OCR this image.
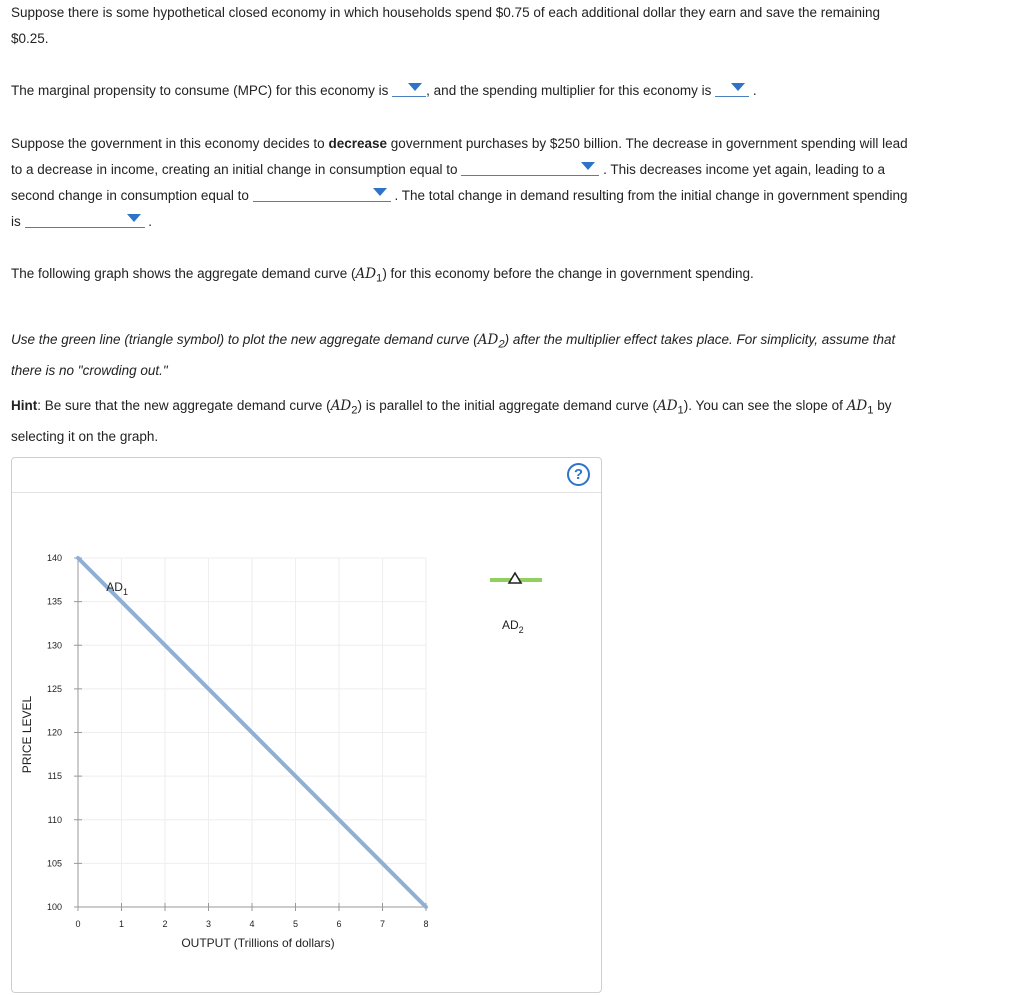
Suppose there is some hypothetical closed economy in which households spend $0.75 of each additional dollar they earn and save the remaining
$0.25.
The marginal propensity to consume (MPC) for this economy is	, and the spending multiplier for this economy is	.
Suppose the government in this economy decides to decrease government purchases by $250 billion. The decrease in government spending will lead
to a decrease in income, creating an initial change in consumption equal to	. This decreases income yet again, leading to a
second change in consumption equal to	. The total change in demand resulting from the initial change in government spending
is	.
The following graph shows the aggregate demand curve $(AD_1)$ for this economy before the change in government spending.
Use the green line (triangle symbol) to plot the new aggregate demand curve $(AD_2)$ after the multiplier effect takes place. For simplicity, assume that
there is no "crowding out."
Hint: Be sure that the new aggregate demand curve $(AD_2)$ is parallel to the initial aggregate demand curve $(AD_1)$. You can see the slope of $AD_1$ by
selecting it on the graph.
?
0	1	2	3	4	5	6	7	8
100
105
110
115
120
125
130
135
140
OUTPUT (Trillions of dollars)
PRICE LEVEL
$AD_1$
$AD_2$
